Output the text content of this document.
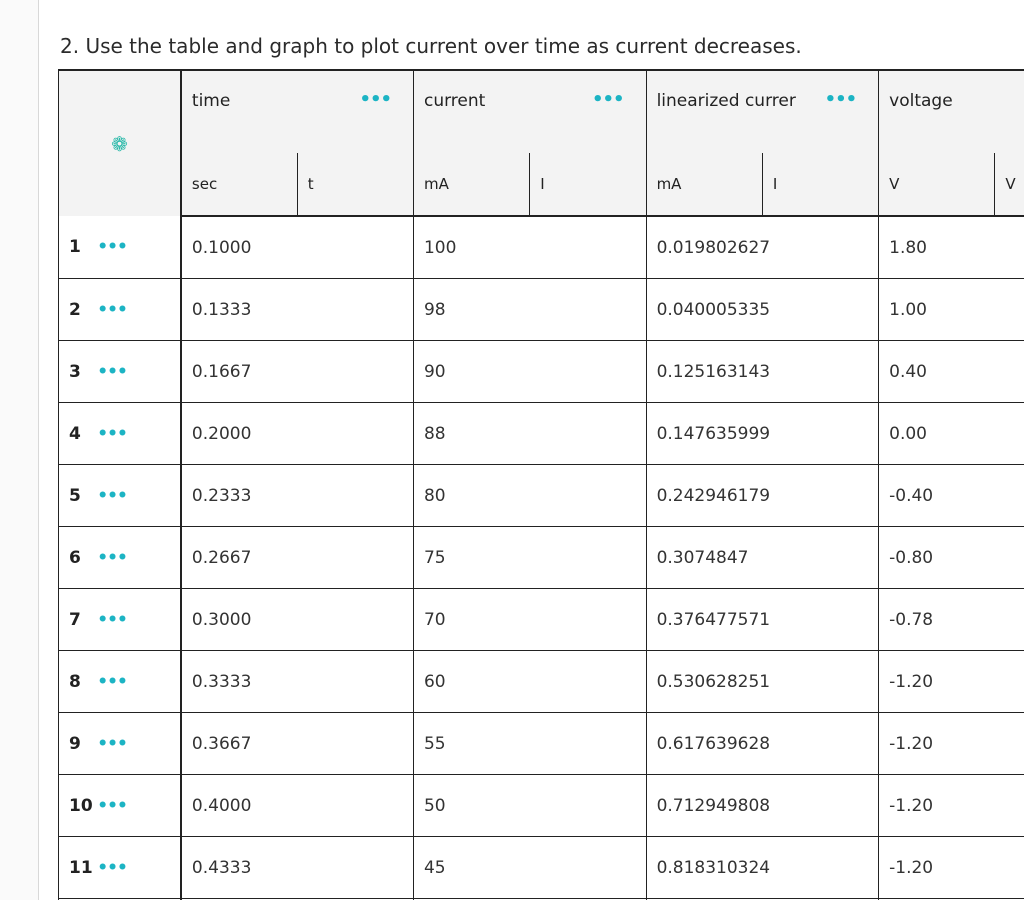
2. Use the table and graph to plot current over time as current decreases.
❁		time •••		current •••		linearized currer •••		voltage	
		sec	t	mA	I	mA	I	V	V
1	•••	0.1000		100		0.019802627		1.80	
2	•••	0.1333		98		0.040005335		1.00	
3	•••	0.1667		90		0.125163143		0.40	
4	•••	0.2000		88		0.147635999		0.00	
5	•••	0.2333		80		0.242946179		-0.40	
6	•••	0.2667		75		0.3074847		-0.80	
7	•••	0.3000		70		0.376477571		-0.78	
8	•••	0.3333		60		0.530628251		-1.20	
9	•••	0.3667		55		0.617639628		-1.20	
10	•••	0.4000		50		0.712949808		-1.20	
11	•••	0.4333		45		0.818310324		-1.20	
